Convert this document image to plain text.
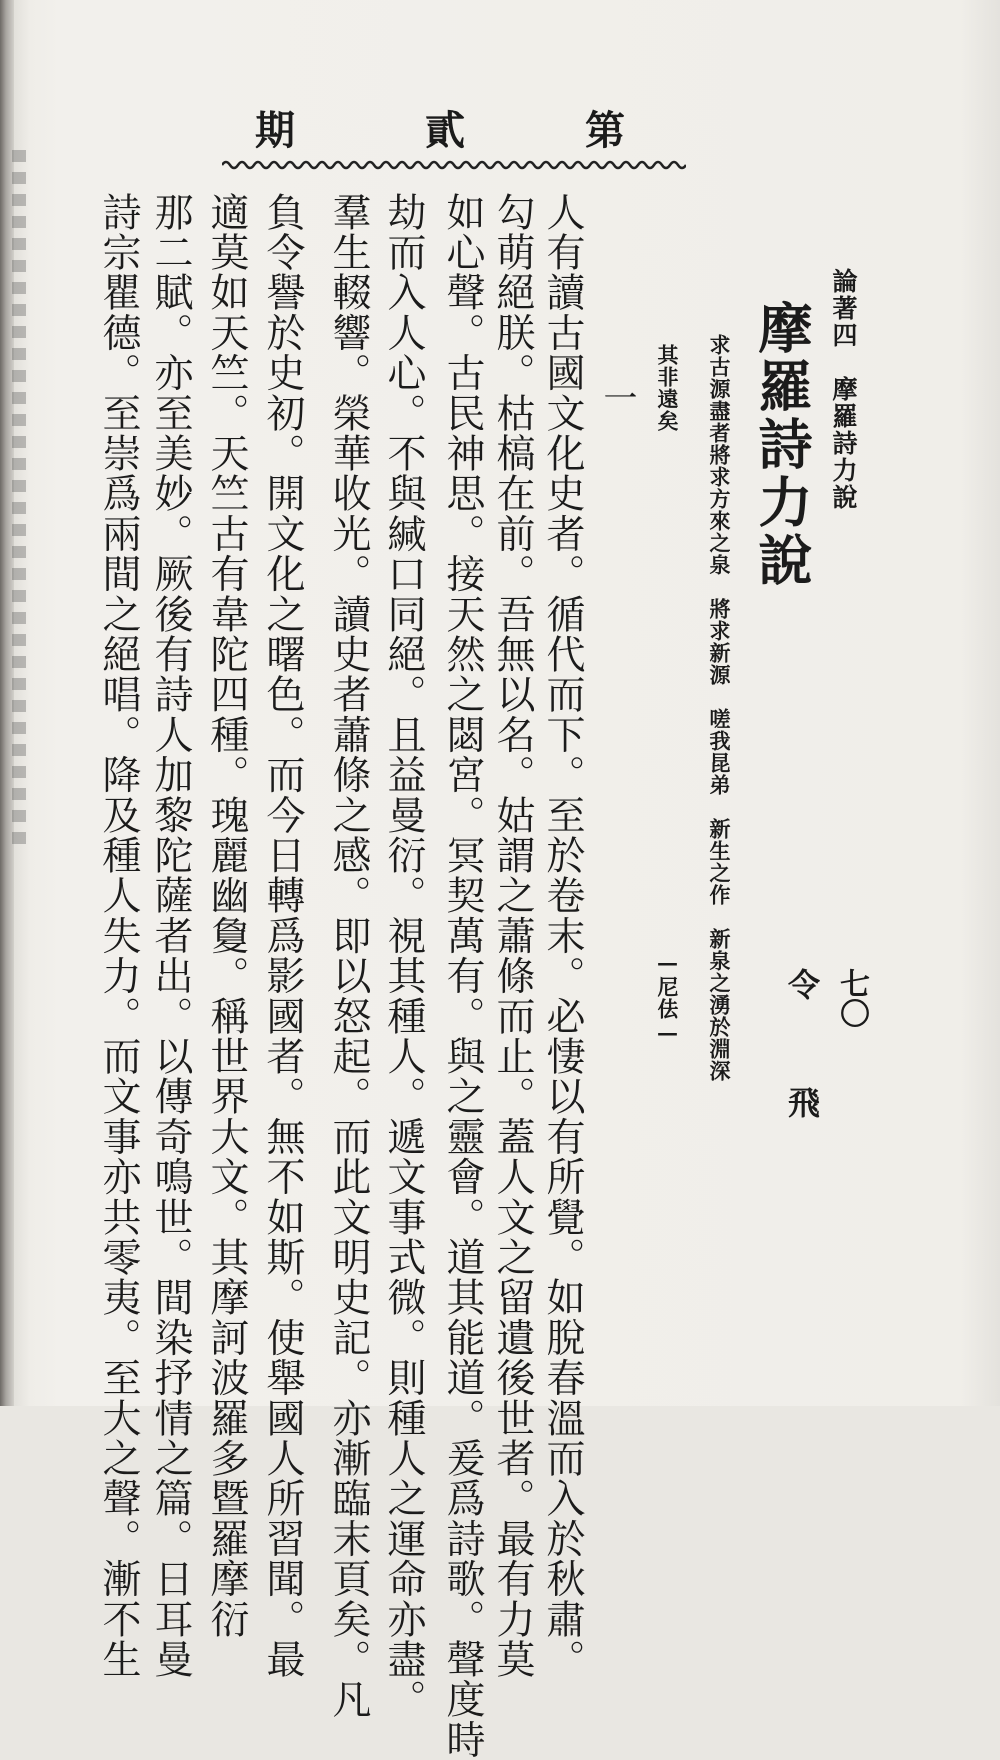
第
貳
期
論著四　摩羅詩力說
七〇
摩羅詩力說
令
飛
求古源盡者將求方來之泉　將求新源　嗟我昆弟　新生之作　新泉之湧於淵深
其非遠矣
—尼佉—
一
人有讀古國文化史者。循代而下。至於卷末。必悽以有所覺。如脫春溫而入於秋肅。
勾萌絕朕。枯槁在前。吾無以名。姑謂之蕭條而止。蓋人文之留遺後世者。最有力莫
如心聲。古民神思。接天然之閟宮。冥契萬有。與之靈會。道其能道。爰爲詩歌。聲度時
劫而入人心。不與緘口同絕。且益曼衍。視其種人。遞文事式微。則種人之運命亦盡。
羣生輟響。榮華收光。讀史者蕭條之感。即以怒起。而此文明史記。亦漸臨末頁矣。凡
負令譽於史初。開文化之曙色。而今日轉爲影國者。無不如斯。使舉國人所習聞。最
適莫如天竺。天竺古有韋陀四種。瑰麗幽敻。稱世界大文。其摩訶波羅多暨羅摩衍
那二賦。亦至美妙。厥後有詩人加黎陀薩者出。以傳奇鳴世。間染抒情之篇。日耳曼
詩宗瞿德。至崇爲兩間之絕唱。降及種人失力。而文事亦共零夷。至大之聲。漸不生
